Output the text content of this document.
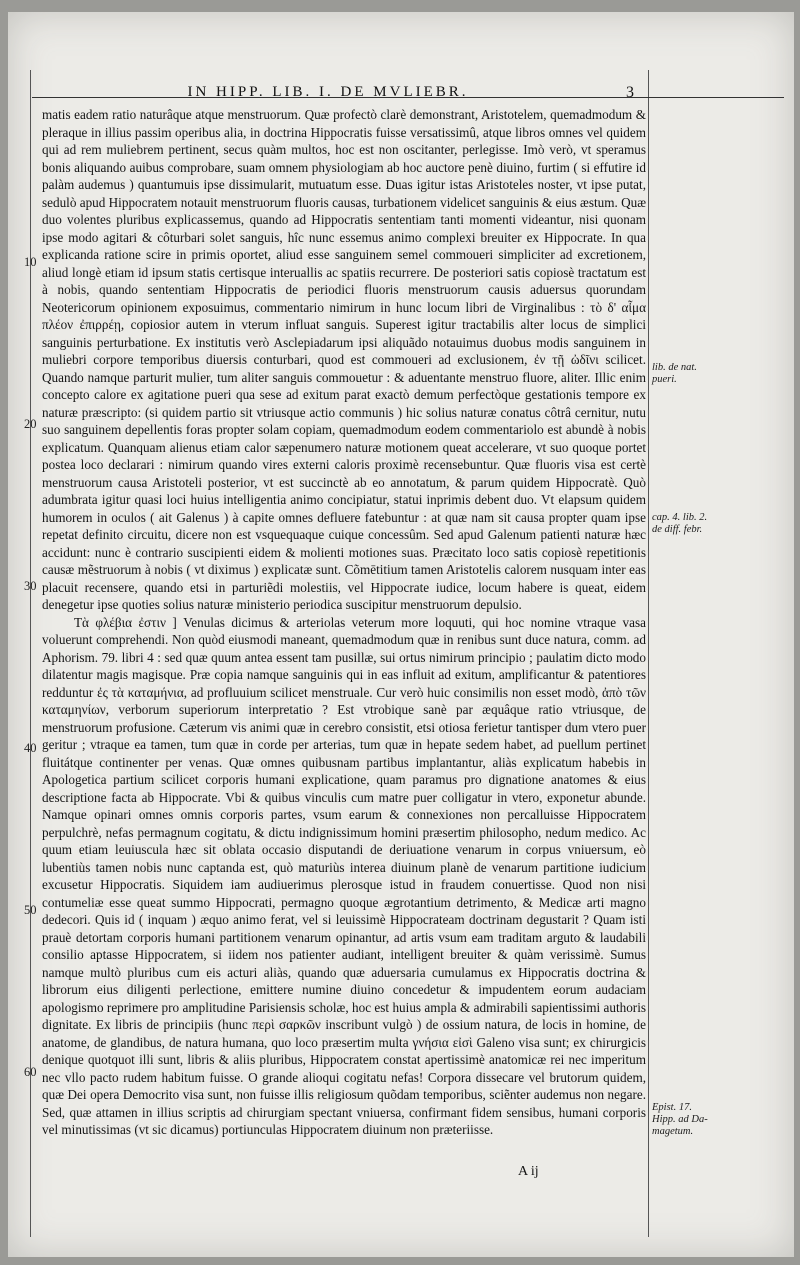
IN HIPP. LIB. I. DE MVLIEBR.	3
10
20
30
40
50
60

matis eadem ratio naturâque atque menstruorum. Quæ profectò clarè demonstrant, Aristotelem, quemadmodum & pleraque in illius passim operibus alia, in doctrina Hippocratis fuisse versatissimû, atque libros omnes vel quidem qui ad rem muliebrem pertinent, secus quàm multos, hoc est non oscitanter, perlegisse. Imò verò, vt speramus bonis aliquando auibus comprobare, suam omnem physiologiam ab hoc auctore penè diuino, furtim ( si effutire id palàm audemus ) quantumuis ipse dissimularit, mutuatum esse. Duas igitur istas Aristoteles noster, vt ipse putat, sedulò apud Hippocratem notauit menstruorum fluoris causas, turbationem videlicet sanguinis & eius æstum. Quæ duo volentes pluribus explicassemus, quando ad Hippocratis sententiam tanti momenti videantur, nisi quonam ipse modo agitari & côturbari solet sanguis, hîc nunc essemus animo complexi breuiter ex Hippocrate. In qua explicanda ratione scire in primis oportet, aliud esse sanguinem semel commoueri simpliciter ad excretionem, aliud longè etiam id ipsum statis certisque interuallis ac spatiis recurrere. De posteriori satis copiosè tractatum est à nobis, quando sententiam Hippocratis de periodici fluoris menstruorum causis aduersus quorundam Neotericorum opinionem exposuimus, commentario nimirum in hunc locum libri de Virginalibus : τὸ δ' αἷμα πλέον ἐπιρρέῃ, copiosior autem in vterum influat sanguis. Superest igitur tractabilis alter locus de simplici sanguinis perturbatione. Ex institutis verò Asclepiadarum ipsi aliquãdo notauimus duobus modis sanguinem in muliebri corpore temporibus diuersis conturbari, quod est commoueri ad exclusionem, ἐν τῇ ὠδῖνι scilicet. Quando namque parturit mulier, tum aliter sanguis commouetur : & aduentante menstruo fluore, aliter. Illic enim concepto calore ex agitatione pueri qua sese ad exitum parat exactò demum perfectòque gestationis tempore ex naturæ præscripto: (si quidem partio sit vtriusque actio communis ) hic solius naturæ conatus côtrâ cernitur, nutu suo sanguinem depellentis foras propter solam copiam, quemadmodum eodem commentariolo est abundè à nobis explicatum. Quanquam alienus etiam calor sæpenumero naturæ motionem queat accelerare, vt suo quoque portet postea loco declarari : nimirum quando vires externi caloris proximè recensebuntur. Quæ fluoris visa est certè menstruorum causa Aristoteli posterior, vt est succinctè ab eo annotatum, & parum quidem Hippocratè. Quò adumbrata igitur quasi loci huius intelligentia animo concipiatur, statui inprimis debent duo. Vt elapsum quidem humorem in oculos ( ait Galenus ) à capite omnes defluere fatebuntur : at quæ nam sit causa propter quam ipse repetat definito circuitu, dicere non est vsquequaque cuique concessûm. Sed apud Galenum patienti naturæ hæc accidunt: nunc è contrario suscipienti eidem & molienti motiones suas. Præcitato loco satis copiosè repetitionis causæ mẽstruorum à nobis ( vt diximus ) explicatæ sunt. Cõmētitium tamen Aristotelis calorem nusquam inter eas placuit recensere, quando etsi in parturiẽdi molestiis, vel Hippocrate iudice, locum habere is queat, eidem denegetur ipse quoties solius naturæ ministerio periodica suscipitur menstruorum depulsio.

Τὰ φλέβια ἐστιν ] Venulas dicimus & arteriolas veterum more loquuti, qui hoc nomine vtraque vasa voluerunt comprehendi. Non quòd eiusmodi maneant, quemadmodum quæ in renibus sunt duce natura, comm. ad Aphorism. 79. libri 4 : sed quæ quum antea essent tam pusillæ, sui ortus nimirum principio ; paulatim dicto modo dilatentur magis magisque. Præ copia namque sanguinis qui in eas influit ad exitum, amplificantur & patentiores redduntur ἐς τὰ καταμήνια, ad profluuium scilicet menstruale. Cur verò huic consimilis non esset modò, ἀπὸ τῶν καταμηνίων, verborum superiorum interpretatio ? Est vtrobique sanè par æquâque ratio vtriusque, de menstruorum profusione. Cæterum vis animi quæ in cerebro consistit, etsi otiosa ferietur tantisper dum vtero puer geritur ; vtraque ea tamen, tum quæ in corde per arterias, tum quæ in hepate sedem habet, ad puellum pertinet fluitátque continenter per venas. Quæ omnes quibusnam partibus implantantur, aliàs explicatum habebis in Apologetica partium scilicet corporis humani explicatione, quam paramus pro dignatione anatomes & eius descriptione facta ab Hippocrate. Vbi & quibus vinculis cum matre puer colligatur in vtero, exponetur abunde. Namque opinari omnes omnis corporis partes, vsum earum & connexiones non percalluisse Hippocratem perpulchrè, nefas permagnum cogitatu, & dictu indignissimum homini præsertim philosopho, nedum medico. Ac quum etiam leuiuscula hæc sit oblata occasio disputandi de deriuatione venarum in corpus vniuersum, eò lubentiùs tamen nobis nunc captanda est, quò maturiùs interea diuinum planè de venarum partitione iudicium excusetur Hippocratis. Siquidem iam audiuerimus plerosque istud in fraudem conuertisse. Quod non nisi contumeliæ esse queat summo Hippocrati, permagno quoque ægrotantium detrimento, & Medicæ arti magno dedecori. Quis id ( inquam ) æquo animo ferat, vel si leuissimè Hippocrateam doctrinam degustarit ? Quam isti prauè detortam corporis humani partitionem venarum opinantur, ad artis vsum eam traditam arguto & laudabili consilio aptasse Hippocratem, si iidem nos patienter audiant, intelligent breuiter & quàm verissimè. Sumus namque multò pluribus cum eis acturi aliàs, quando quæ aduersaria cumulamus ex Hippocratis doctrina & librorum eius diligenti perlectione, emittere numine diuino concedetur & impudentem eorum audaciam apologismo reprimere pro amplitudine Parisiensis scholæ, hoc est huius ampla & admirabili sapientissimi authoris dignitate. Ex libris de principiis (hunc περὶ σαρκῶν inscribunt vulgò ) de ossium natura, de locis in homine, de anatome, de glandibus, de natura humana, quo loco præsertim multa γνήσια εἰσὶ Galeno visa sunt; ex chirurgicis denique quotquot illi sunt, libris & aliis pluribus, Hippocratem constat apertissimè anatomicæ rei nec imperitum nec vllo pacto rudem habitum fuisse. O grande alioqui cogitatu nefas! Corpora dissecare vel brutorum quidem, quæ Dei opera Democrito visa sunt, non fuisse illis religiosum quõdam temporibus, sciẽnter audemus non negare. Sed, quæ attamen in illius scriptis ad chirurgiam spectant vniuersa, confirmant fidem sensibus, humani corporis vel minutissimas (vt sic dicamus) portiunculas Hippocratem diuinum non præteriisse.

lib. de nat.
pueri.
cap. 4. lib. 2.
de diff. febr.
Epist. 17.
Hipp. ad Da-
magetum.
A ij
